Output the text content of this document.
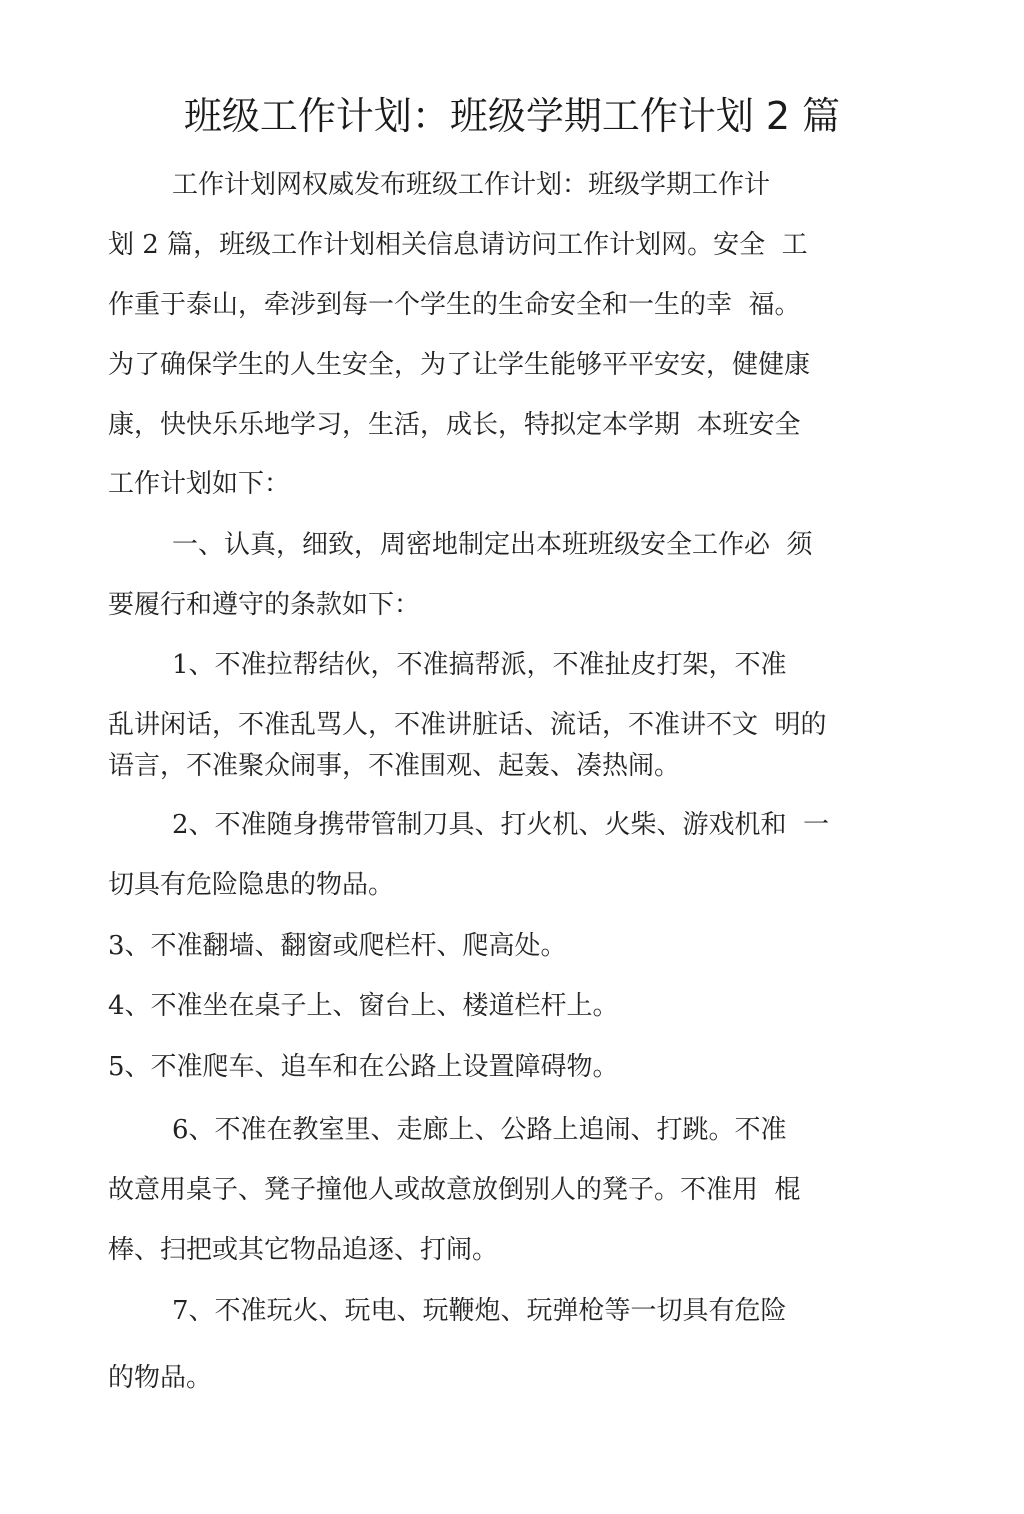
班级工作计划：班级学期工作计划 2 篇
工作计划网权威发布班级工作计划：班级学期工作计
划 2 篇，班级工作计划相关信息请访问工作计划网。安全  工
作重于泰山，牵涉到每一个学生的生命安全和一生的幸  福。
为了确保学生的人生安全，为了让学生能够平平安安，健健康
康，快快乐乐地学习，生活，成长，特拟定本学期  本班安全
工作计划如下：
一、认真，细致，周密地制定出本班班级安全工作必  须
要履行和遵守的条款如下：
1、不准拉帮结伙，不准搞帮派，不准扯皮打架，不准
乱讲闲话，不准乱骂人，不准讲脏话、流话，不准讲不文  明的
语言，不准聚众闹事，不准围观、起轰、凑热闹。
2、不准随身携带管制刀具、打火机、火柴、游戏机和  一
切具有危险隐患的物品。
3、不准翻墙、翻窗或爬栏杆、爬高处。
4、不准坐在桌子上、窗台上、楼道栏杆上。
5、不准爬车、追车和在公路上设置障碍物。
6、不准在教室里、走廊上、公路上追闹、打跳。不准
故意用桌子、凳子撞他人或故意放倒别人的凳子。不准用  棍
棒、扫把或其它物品追逐、打闹。
7、不准玩火、玩电、玩鞭炮、玩弹枪等一切具有危险
的物品。
